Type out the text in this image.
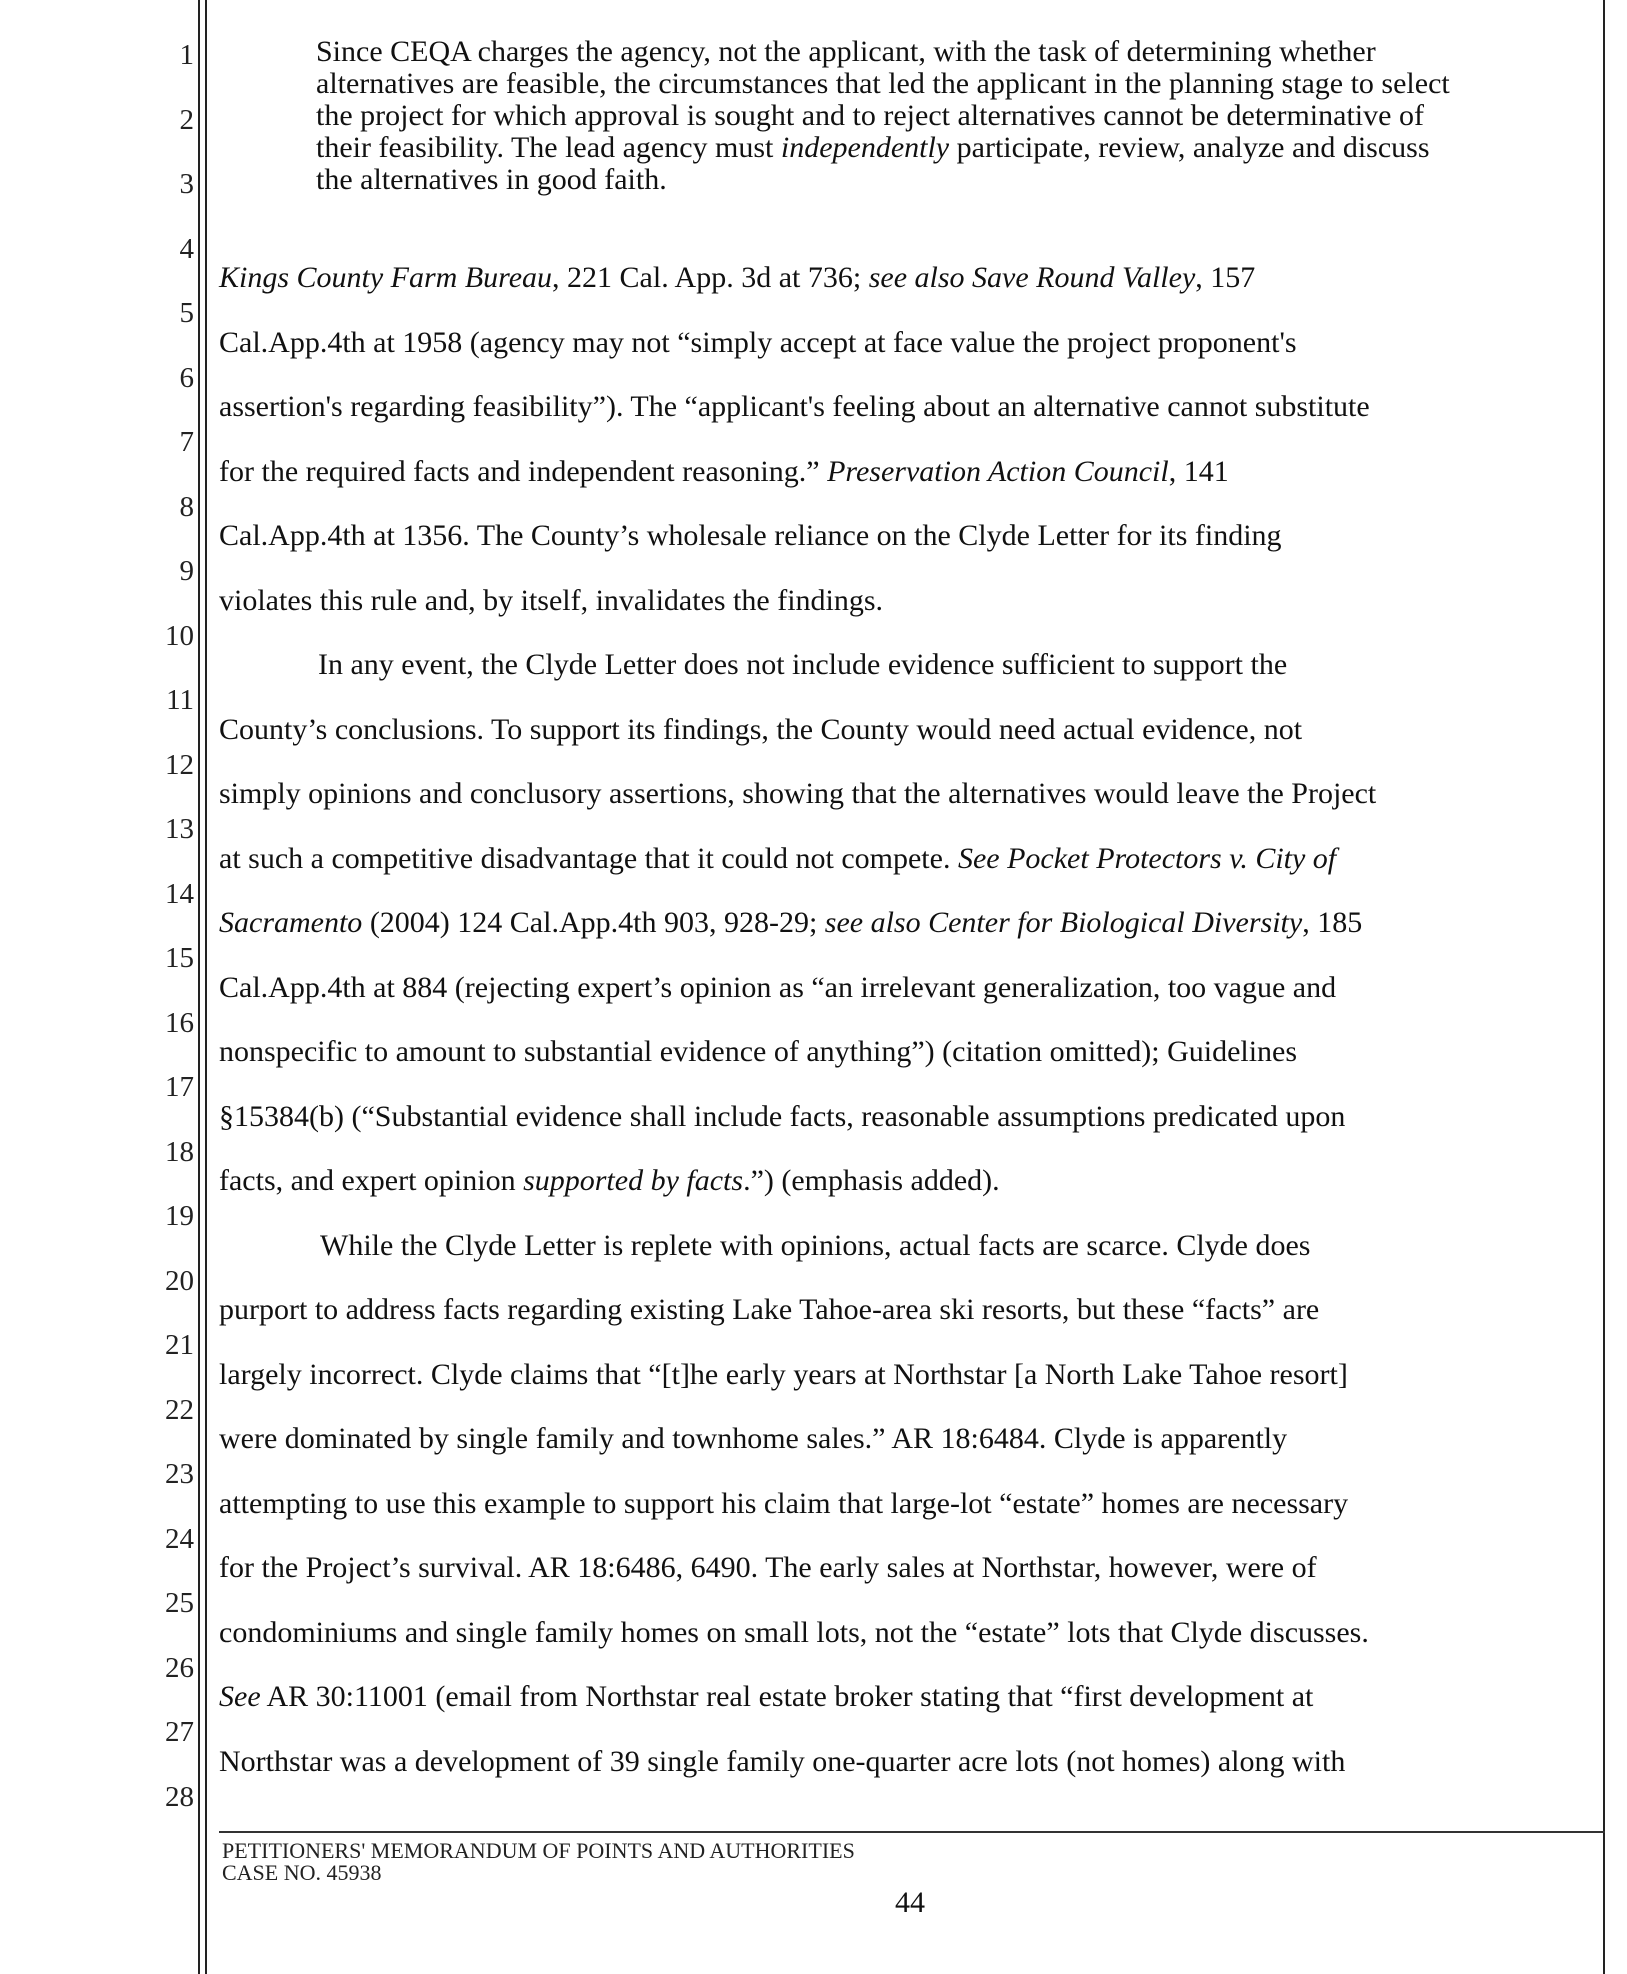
1
2
3
4
5
6
7
8
9
10
11
12
13
14
15
16
17
18
19
20
21
22
23
24
25
26
27
28
Since CEQA charges the agency, not the applicant, with the task of determining whether alternatives are feasible, the circumstances that led the applicant in the planning stage to select the project for which approval is sought and to reject alternatives cannot be determinative of their feasibility. The lead agency must independently participate, review, analyze and discuss the alternatives in good faith.
Kings County Farm Bureau, 221 Cal. App. 3d at 736; see also Save Round Valley, 157
Cal.App.4th at 1958 (agency may not “simply accept at face value the project proponent's
assertion's regarding feasibility”). The “applicant's feeling about an alternative cannot substitute
for the required facts and independent reasoning.” Preservation Action Council, 141
Cal.App.4th at 1356. The County’s wholesale reliance on the Clyde Letter for its finding
violates this rule and, by itself, invalidates the findings.
In any event, the Clyde Letter does not include evidence sufficient to support the
County’s conclusions. To support its findings, the County would need actual evidence, not
simply opinions and conclusory assertions, showing that the alternatives would leave the Project
at such a competitive disadvantage that it could not compete. See Pocket Protectors v. City of
Sacramento (2004) 124 Cal.App.4th 903, 928-29; see also Center for Biological Diversity, 185
Cal.App.4th at 884 (rejecting expert’s opinion as “an irrelevant generalization, too vague and
nonspecific to amount to substantial evidence of anything”) (citation omitted); Guidelines
§15384(b) (“Substantial evidence shall include facts, reasonable assumptions predicated upon
facts, and expert opinion supported by facts.”) (emphasis added).
While the Clyde Letter is replete with opinions, actual facts are scarce. Clyde does
purport to address facts regarding existing Lake Tahoe-area ski resorts, but these “facts” are
largely incorrect. Clyde claims that “[t]he early years at Northstar [a North Lake Tahoe resort]
were dominated by single family and townhome sales.” AR 18:6484. Clyde is apparently
attempting to use this example to support his claim that large-lot “estate” homes are necessary
for the Project’s survival. AR 18:6486, 6490. The early sales at Northstar, however, were of
condominiums and single family homes on small lots, not the “estate” lots that Clyde discusses.
See AR 30:11001 (email from Northstar real estate broker stating that “first development at
Northstar was a development of 39 single family one-quarter acre lots (not homes) along with
PETITIONERS' MEMORANDUM OF POINTS AND AUTHORITIES
CASE NO. 45938
44
